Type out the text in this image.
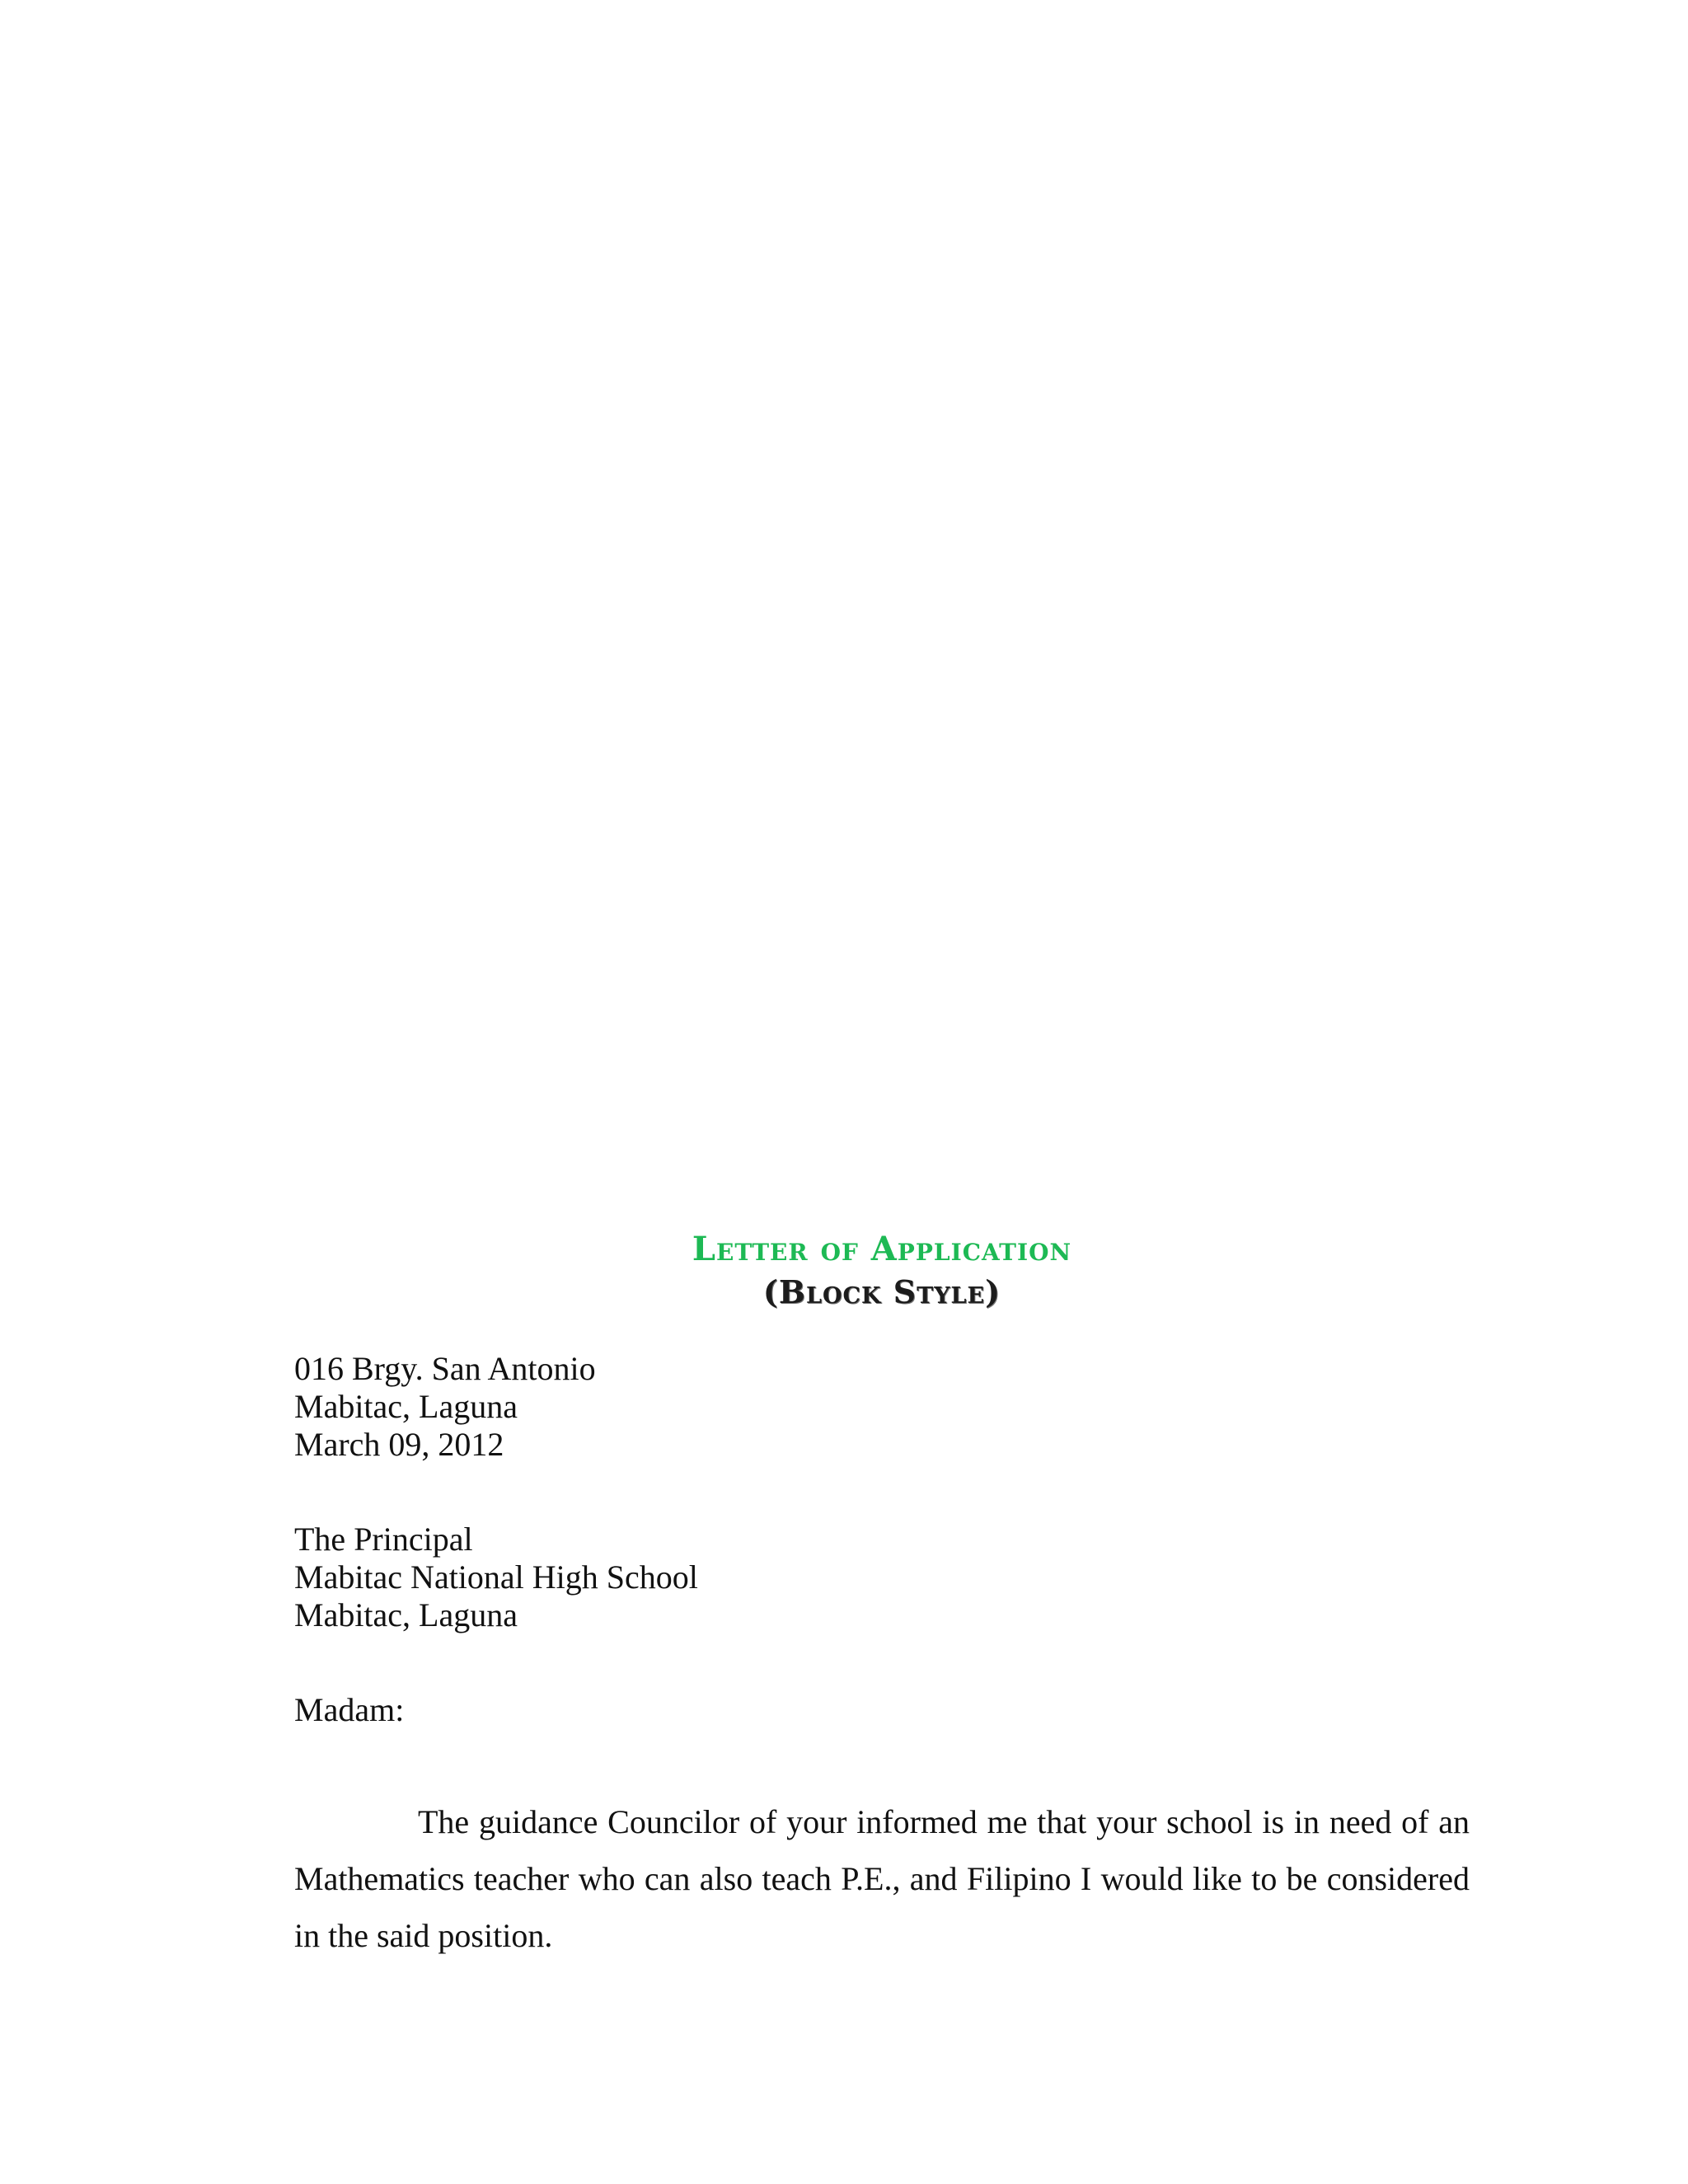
Letter of Application
(Block Style)
016 Brgy. San Antonio
Mabitac, Laguna
March 09, 2012
The Principal
Mabitac National High School
Mabitac, Laguna
Madam:

The guidance Councilor of your informed me that your school is in need of an Mathematics teacher who can also teach P.E., and Filipino I would like to be considered in the said position.
